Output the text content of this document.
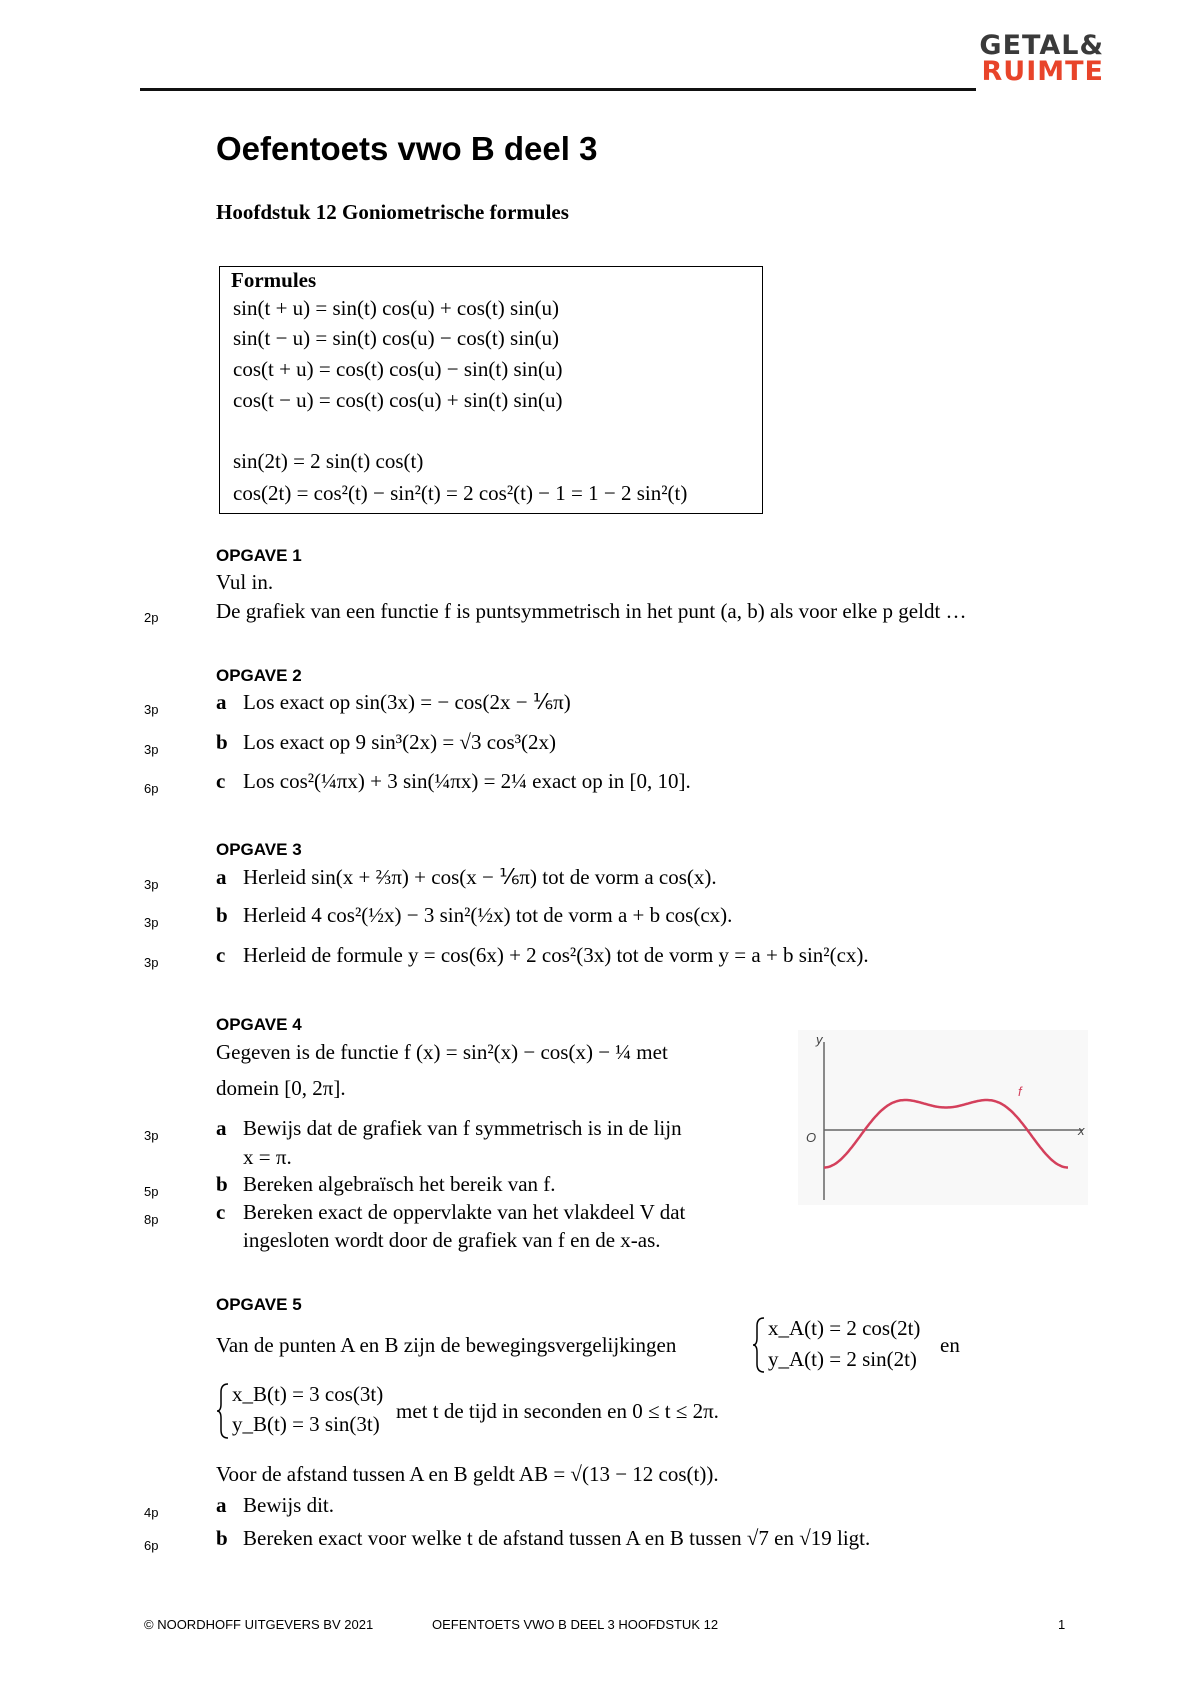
GETAL&
RUIMTE
Oefentoets vwo B deel 3
Hoofdstuk 12 Goniometrische formules
Formules
sin(t + u) = sin(t) cos(u) + cos(t) sin(u)
sin(t − u) = sin(t) cos(u) − cos(t) sin(u)
cos(t + u) = cos(t) cos(u) − sin(t) sin(u)
cos(t − u) = cos(t) cos(u) + sin(t) sin(u)
sin(2t) = 2 sin(t) cos(t)
cos(2t) = cos²(t) − sin²(t) = 2 cos²(t) − 1 = 1 − 2 sin²(t)
OPGAVE 1
Vul in.
2p	De grafiek van een functie f is puntsymmetrisch in het punt (a, b) als voor elke p geldt …
OPGAVE 2
3p	a Los exact op sin(3x) = − cos(2x − ⅙π)
3p	b Los exact op 9 sin³(2x) = √3 cos³(2x)
6p	c Los cos²(¼πx) + 3 sin(¼πx) = 2¼ exact op in [0, 10].
OPGAVE 3
3p	a Herleid sin(x + ⅔π) + cos(x − ⅙π) tot de vorm a cos(x).
3p	b Herleid 4 cos²(½x) − 3 sin²(½x) tot de vorm a + b cos(cx).
3p	c Herleid de formule y = cos(6x) + 2 cos²(3x) tot de vorm y = a + b sin²(cx).
OPGAVE 4
Gegeven is de functie f (x) = sin²(x) − cos(x) − ¼ met
domein [0, 2π].
3p	a Bewijs dat de grafiek van f symmetrisch is in de lijn
x = π.
5p	b Bereken algebraïsch het bereik van f.
8p	c Bereken exact de oppervlakte van het vlakdeel V dat
ingesloten wordt door de grafiek van f en de x-as.
y
x
O
f
OPGAVE 5
Van de punten A en B zijn de bewegingsvergelijkingen
x_A(t) = 2 cos(2t)
y_A(t) = 2 sin(2t)
en
x_B(t) = 3 cos(3t)
y_B(t) = 3 sin(3t)
met t de tijd in seconden en 0 ≤ t ≤ 2π.
Voor de afstand tussen A en B geldt AB = √(13 − 12 cos(t)).
4p	a Bewijs dit.
6p	b Bereken exact voor welke t de afstand tussen A en B tussen √7 en √19 ligt.
© NOORDHOFF UITGEVERS BV 2021	OEFENTOETS VWO B DEEL 3 HOOFDSTUK 12	1
